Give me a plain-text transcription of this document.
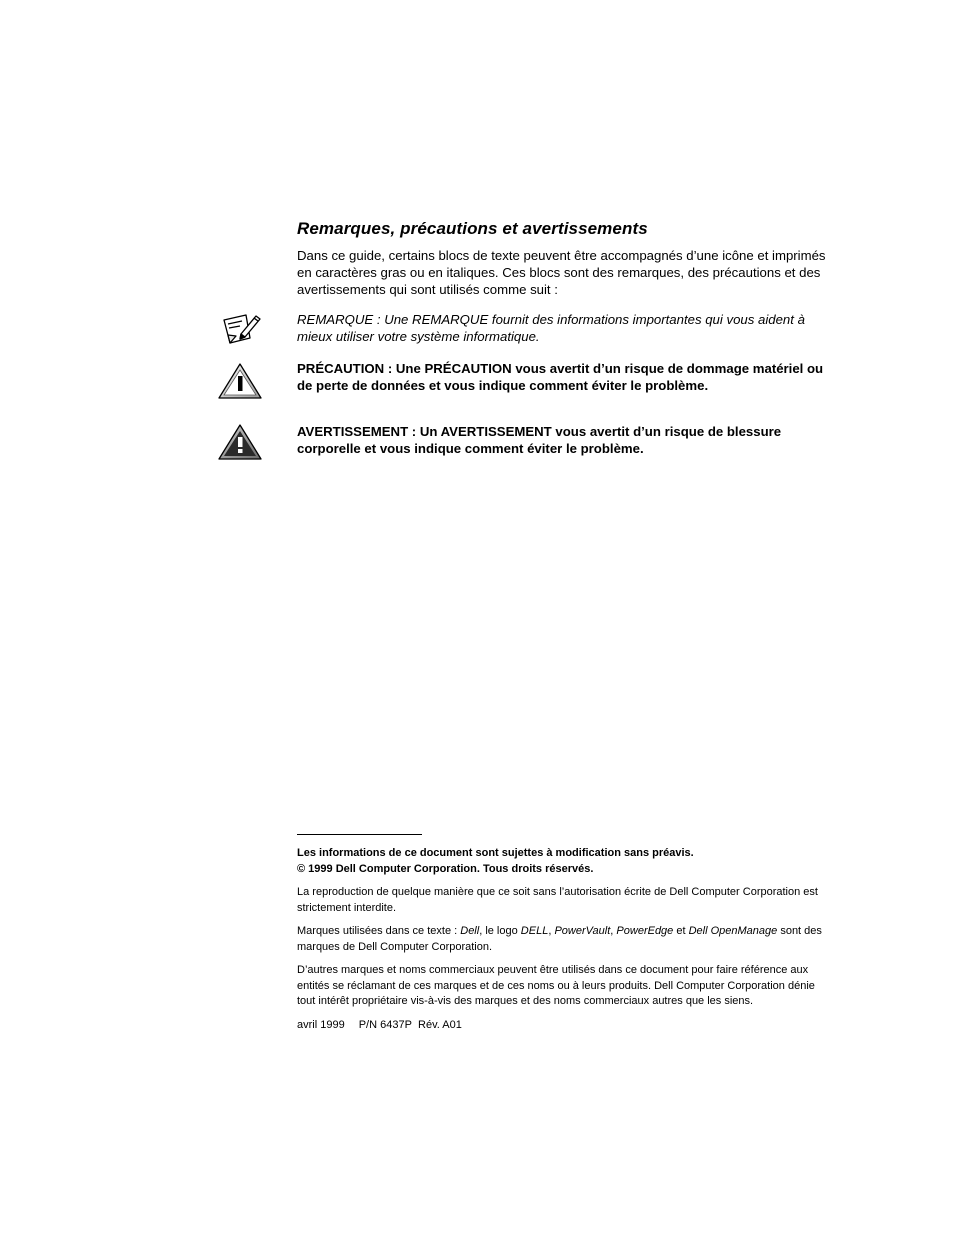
Remarques, précautions et avertissements

Dans ce guide, certains blocs de texte peuvent être accompagnés d’une icône et imprimés en caractères gras ou en italiques. Ces blocs sont des remarques, des précautions et des avertissements qui sont utilisés comme suit :

REMARQUE : Une REMARQUE fournit des informations importantes qui vous aident à mieux utiliser votre système informatique.

PRÉCAUTION : Une PRÉCAUTION vous avertit d’un risque de dommage matériel ou de perte de données et vous indique comment éviter le problème.

AVERTISSEMENT : Un AVERTISSEMENT vous avertit d’un risque de blessure corporelle et vous indique comment éviter le problème.

Les informations de ce document sont sujettes à modification sans préavis.
© 1999 Dell Computer Corporation. Tous droits réservés.

La reproduction de quelque manière que ce soit sans l’autorisation écrite de Dell Computer Corporation est strictement interdite.

Marques utilisées dans ce texte : Dell, le logo DELL, PowerVault, PowerEdge et Dell OpenManage sont des marques de Dell Computer Corporation.

D’autres marques et noms commerciaux peuvent être utilisés dans ce document pour faire référence aux entités se réclamant de ces marques et de ces noms ou à leurs produits. Dell Computer Corporation dénie tout intérêt propriétaire vis-à-vis des marques et des noms commerciaux autres que les siens.

avril 1999 P/N 6437P Rév. A01
